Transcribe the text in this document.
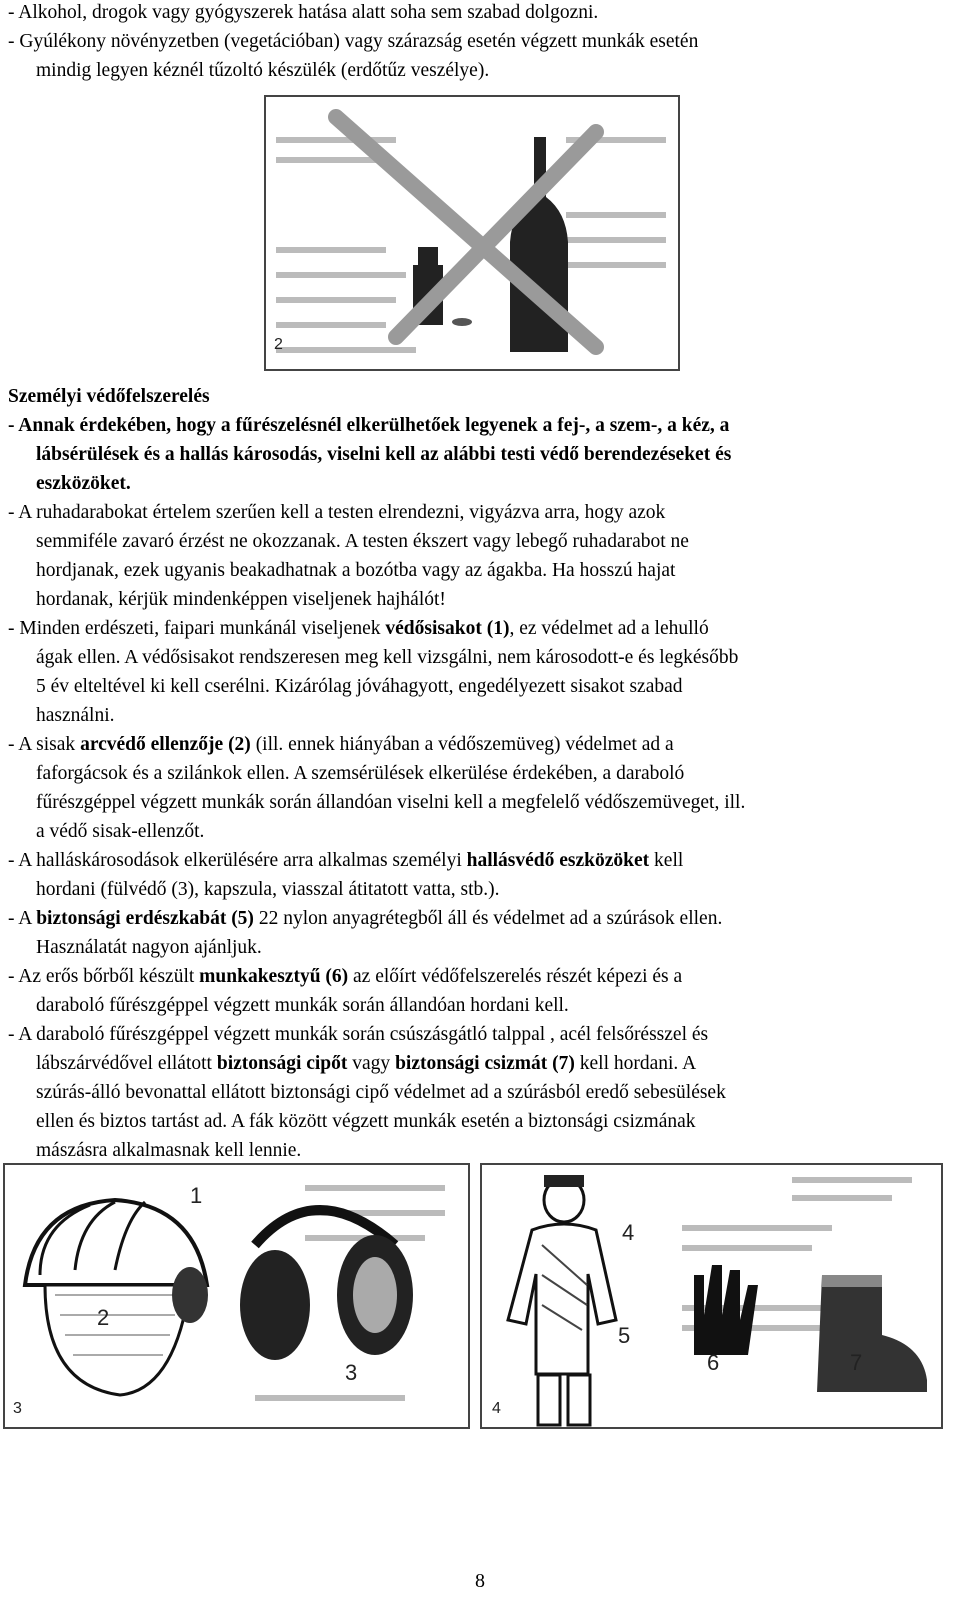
- Alkohol, drogok vagy gyógyszerek hatása alatt soha sem szabad dolgozni.
- Gyúlékony növényzetben (vegetációban) vagy szárazság esetén végzett munkák esetén
mindig legyen kéznél tűzoltó készülék (erdőtűz veszélye).
2
Személyi védőfelszerelés
- Annak érdekében, hogy a fűrészelésnél elkerülhetőek legyenek a fej-, a szem-, a kéz, a
lábsérülések és a hallás károsodás, viselni kell az alábbi testi védő berendezéseket és
eszközöket.
- A ruhadarabokat értelem szerűen kell a testen elrendezni, vigyázva arra, hogy azok
semmiféle zavaró érzést ne okozzanak. A testen ékszert vagy lebegő ruhadarabot ne
hordjanak, ezek ugyanis beakadhatnak a bozótba vagy az ágakba. Ha hosszú hajat
hordanak, kérjük mindenképpen viseljenek hajhálót!
- Minden erdészeti, faipari munkánál viseljenek védősisakot (1), ez védelmet ad a lehulló
ágak ellen. A védősisakot rendszeresen meg kell vizsgálni, nem károsodott-e és legkésőbb
5 év elteltével ki kell cserélni. Kizárólag jóváhagyott, engedélyezett sisakot szabad
használni.
- A sisak arcvédő ellenzője (2) (ill. ennek hiányában a védőszemüveg) védelmet ad a
faforgácsok és a szilánkok ellen. A szemsérülések elkerülése érdekében, a daraboló
fűrészgéppel végzett munkák során állandóan viselni kell a megfelelő védőszemüveget, ill.
a védő sisak-ellenzőt.
- A halláskárosodások elkerülésére arra alkalmas személyi hallásvédő eszközöket kell
hordani (fülvédő (3), kapszula, viasszal átitatott vatta, stb.).
- A biztonsági erdészkabát (5) 22 nylon anyagrétegből áll és védelmet ad a szúrások ellen.
Használatát nagyon ajánljuk.
- Az erős bőrből készült munkakesztyű (6) az előírt védőfelszerelés részét képezi és a
daraboló fűrészgéppel végzett munkák során állandóan hordani kell.
- A daraboló fűrészgéppel végzett munkák során csúszásgátló talppal , acél felsőrésszel és
lábszárvédővel ellátott biztonsági cipőt vagy biztonsági csizmát (7) kell hordani. A
szúrás-álló bevonattal ellátott biztonsági cipő védelmet ad a szúrásból eredő sebesülések
ellen és biztos tartást ad. A fák között végzett munkák esetén a biztonsági csizmának
mászásra alkalmasnak kell lennie.
1
2
3
3
4
5
6	7
4
8
